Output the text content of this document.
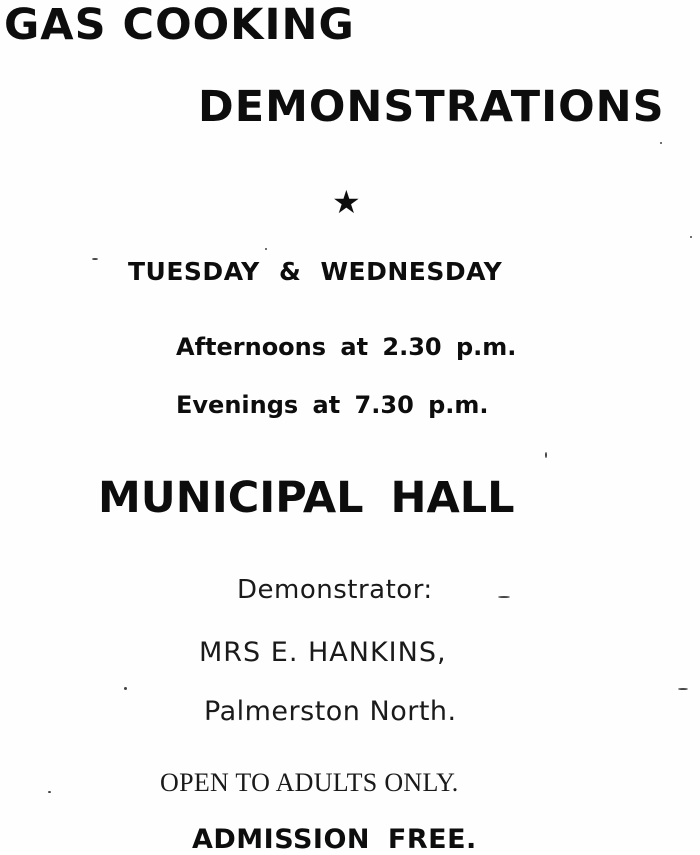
GAS COOKING
DEMONSTRATIONS
★
TUESDAY & WEDNESDAY
Afternoons at 2.30 p.m.
Evenings at 7.30 p.m.
MUNICIPAL HALL
Demonstrator:
MRS E. HANKINS,
Palmerston North.
OPEN TO ADULTS ONLY.
ADMISSION FREE.
